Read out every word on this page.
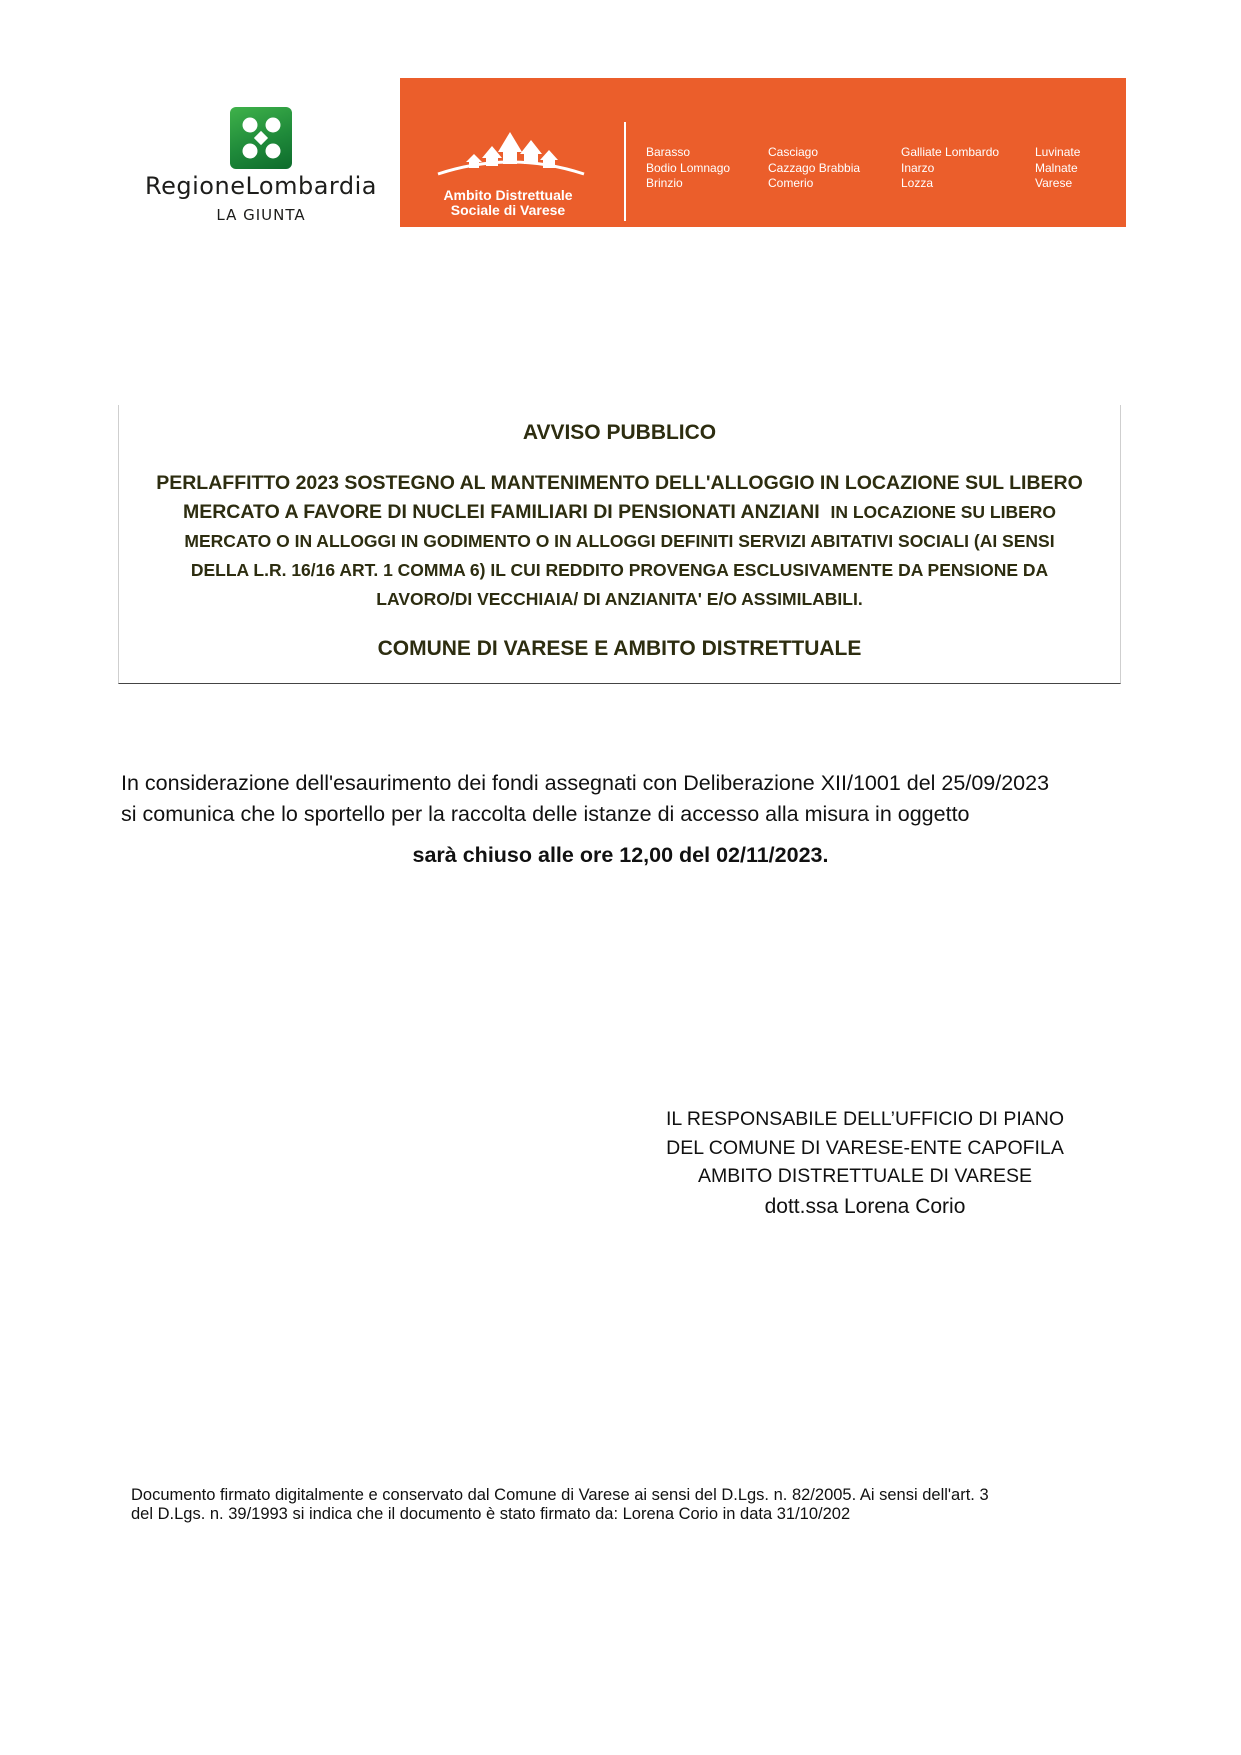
RegioneLombardia
LA GIUNTA
Ambito Distrettuale
Sociale di Varese
Barasso
Bodio Lomnago
Brinzio
Casciago
Cazzago Brabbia
Comerio
Galliate Lombardo
Inarzo
Lozza
Luvinate
Malnate
Varese
AVVISO PUBBLICO
PERLAFFITTO 2023 SOSTEGNO AL MANTENIMENTO DELL'ALLOGGIO IN LOCAZIONE SUL LIBERO
MERCATO A FAVORE DI NUCLEI FAMILIARI DI PENSIONATI ANZIANI IN LOCAZIONE SU LIBERO
MERCATO O IN ALLOGGI IN GODIMENTO O IN ALLOGGI DEFINITI SERVIZI ABITATIVI SOCIALI (AI SENSI
DELLA L.R. 16/16 ART. 1 COMMA 6) IL CUI REDDITO PROVENGA ESCLUSIVAMENTE DA PENSIONE DA
LAVORO/DI VECCHIAIA/ DI ANZIANITA' E/O ASSIMILABILI.
COMUNE DI VARESE E AMBITO DISTRETTUALE
In considerazione dell'esaurimento dei fondi assegnati con Deliberazione XII/1001 del 25/09/2023
si comunica che lo sportello per la raccolta delle istanze di accesso alla misura in oggetto
sarà chiuso alle ore 12,00 del 02/11/2023.
IL RESPONSABILE DELL’UFFICIO DI PIANO
DEL COMUNE DI VARESE-ENTE CAPOFILA
AMBITO DISTRETTUALE DI VARESE
dott.ssa Lorena Corio
Documento firmato digitalmente e conservato dal Comune di Varese ai sensi del D.Lgs. n. 82/2005. Ai sensi dell'art. 3
del D.Lgs. n. 39/1993 si indica che il documento è stato firmato da: Lorena Corio in data 31/10/202
